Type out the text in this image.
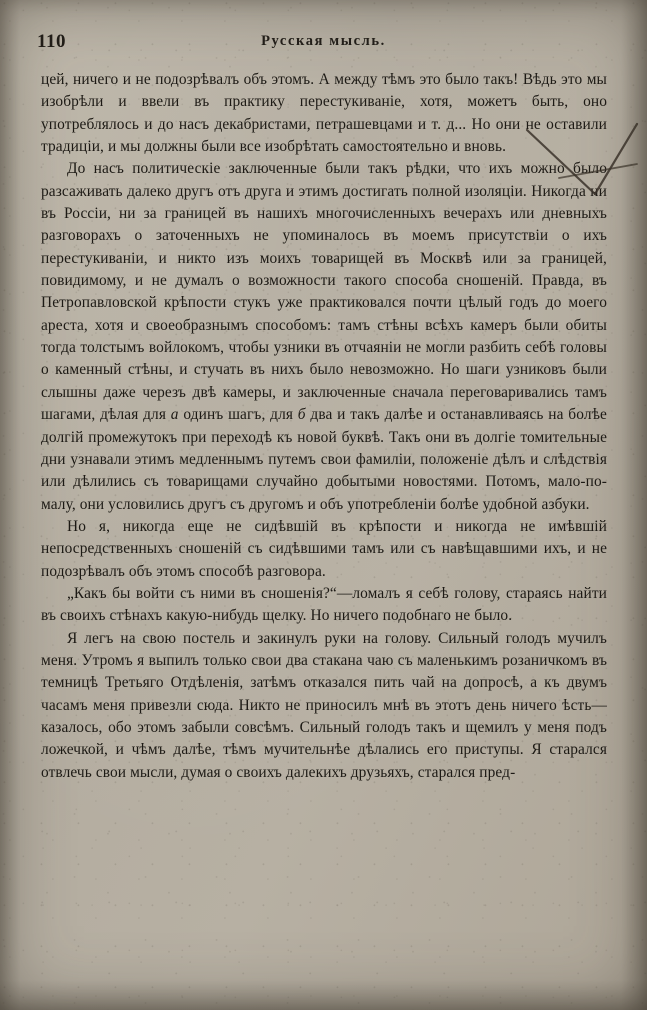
110	Русская мысль.

цей, ничего и не подозрѣвалъ объ этомъ. А между тѣмъ это было такъ! Вѣдь это мы изобрѣли и ввели въ практику перестукиванiе, хотя, можетъ быть, оно употреблялось и до насъ декабристами, петрашевцами и т. д... Но они не оставили традицiи, и мы должны были все изобрѣтать самостоятельно и вновь.

До насъ политическiе заключенные были такъ рѣдки, что ихъ можно было разсаживать далеко другъ отъ друга и этимъ достигать полной изоляцiи. Никогда ни въ Россiи, ни за границей въ нашихъ многочисленныхъ вечерахъ или дневныхъ разговорахъ о заточенныхъ не упоминалось въ моемъ присутствiи о ихъ перестукиванiи, и никто изъ моихъ товарищей въ Москвѣ или за границей, повидимому, и не думалъ о возможности такого способа сношенiй. Правда, въ Петропавловской крѣпости стукъ уже практиковался почти цѣлый годъ до моего ареста, хотя и своеобразнымъ способомъ: тамъ стѣны всѣхъ камеръ были обиты тогда толстымъ войлокомъ, чтобы узники въ отчаянiи не могли разбить себѣ головы о каменный стѣны, и стучать въ нихъ было невозможно. Но шаги узниковъ были слышны даже черезъ двѣ камеры, и заключенные сначала переговаривались тамъ шагами, дѣлая для а одинъ шагъ, для б два и такъ далѣе и останавливаясь на болѣе долгiй промежутокъ при переходѣ къ новой буквѣ. Такъ они въ долгiе томительные дни узнавали этимъ медленнымъ путемъ свои фамилiи, положенiе дѣлъ и слѣдствiя или дѣлились съ товарищами случайно добытыми новостями. Потомъ, мало-по-малу, они условились другъ съ другомъ и объ употребленiи болѣе удобной азбуки.

Но я, никогда еще не сидѣвшiй въ крѣпости и никогда не имѣвшiй непосредственныхъ сношенiй съ сидѣвшими тамъ или съ навѣщавшими ихъ, и не подозрѣвалъ объ этомъ способѣ разговора.

„Какъ бы войти съ ними въ сношенiя?“—ломалъ я себѣ голову, стараясь найти въ своихъ стѣнахъ какую-нибудь щелку. Но ничего подобнаго не было.

Я легъ на свою постель и закинулъ руки на голову. Сильный голодъ мучилъ меня. Утромъ я выпилъ только свои два стакана чаю съ маленькимъ розаничкомъ въ темницѣ Третьяго Отдѣленiя, затѣмъ отказался пить чай на допросѣ, а къ двумъ часамъ меня привезли сюда. Никто не приносилъ мнѣ въ этотъ день ничего ѣсть—казалось, обо этомъ забыли совсѣмъ. Сильный голодъ такъ и щемилъ у меня подъ ложечкой, и чѣмъ далѣе, тѣмъ мучительнѣе дѣлались его приступы. Я старался отвлечь свои мысли, думая о своихъ далекихъ друзьяхъ, старался пред-
